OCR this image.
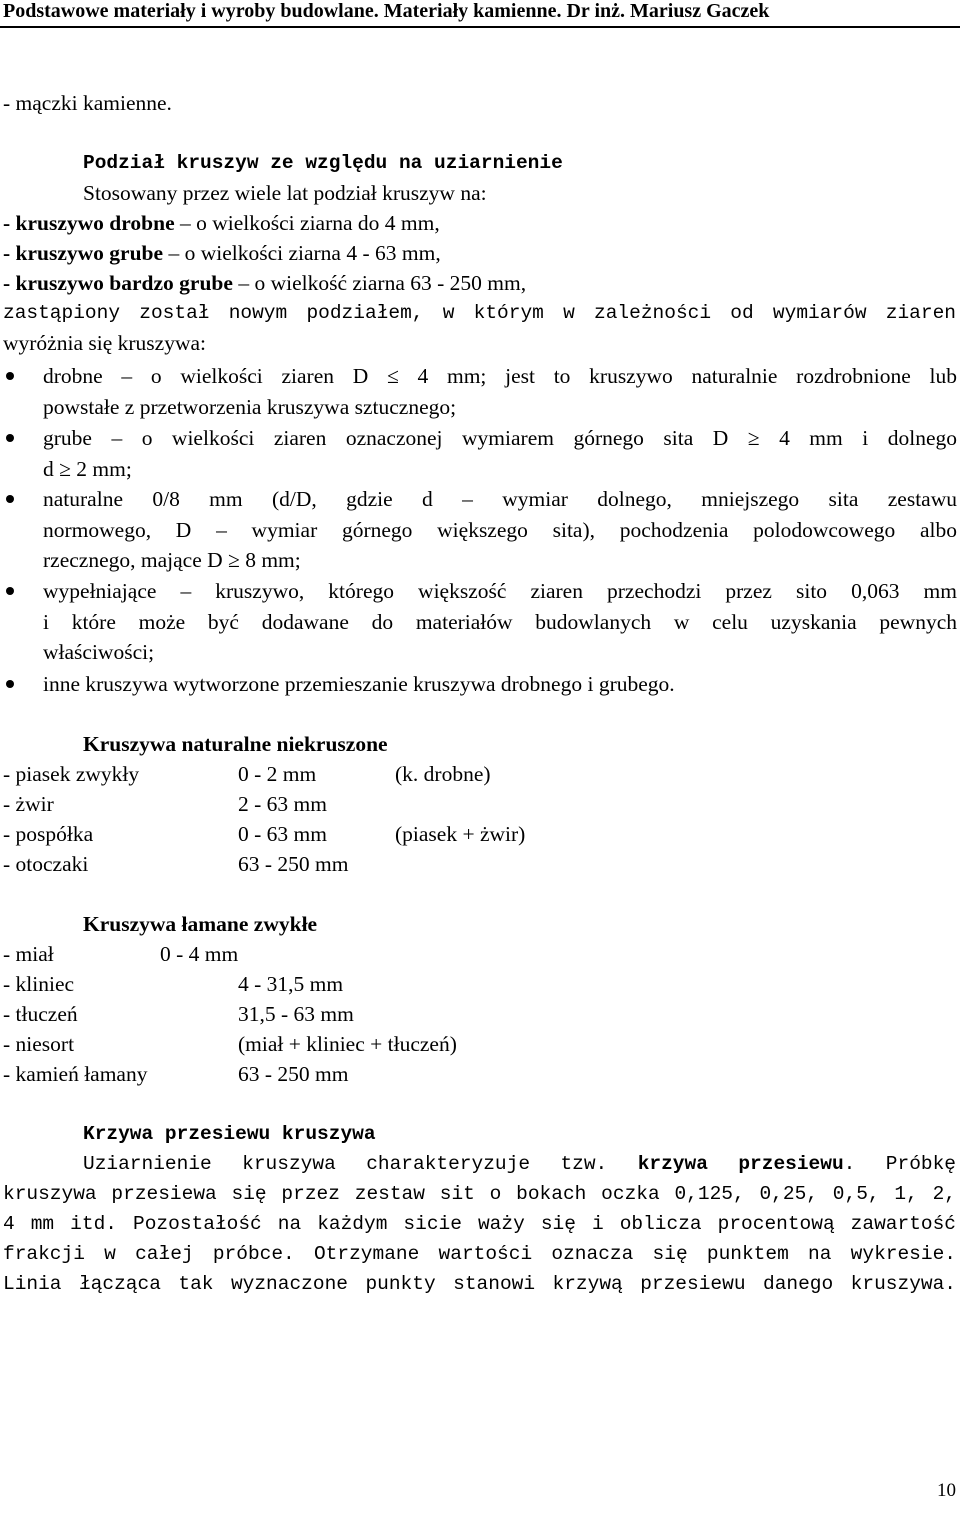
Podstawowe materiały i wyroby budowlane. Materiały kamienne. Dr inż. Mariusz Gaczek
- mączki kamienne.
Podział kruszyw ze względu na uziarnienie
Stosowany przez wiele lat podział kruszyw na:
- kruszywo drobne – o wielkości ziarna do 4 mm,
- kruszywo grube – o wielkości ziarna 4 - 63 mm,
- kruszywo bardzo grube – o wielkość ziarna 63 - 250 mm,
zastąpiony został nowym podziałem, w którym w zależności od wymiarów ziaren
wyróżnia się kruszywa:
drobne – o wielkości ziaren D ≤ 4 mm; jest to kruszywo naturalnie rozdrobnione lub
powstałe z przetworzenia kruszywa sztucznego;
grube – o wielkości ziaren oznaczonej wymiarem górnego sita D ≥ 4 mm i dolnego
d ≥ 2 mm;
naturalne 0/8 mm (d/D, gdzie d – wymiar dolnego, mniejszego sita zestawu
normowego, D – wymiar górnego większego sita), pochodzenia polodowcowego albo
rzecznego, mające D ≥ 8 mm;
wypełniające – kruszywo, którego większość ziaren przechodzi przez sito 0,063 mm
i które może być dodawane do materiałów budowlanych w celu uzyskania pewnych
właściwości;
inne kruszywa wytworzone przemieszanie kruszywa drobnego i grubego.
Kruszywa naturalne niekruszone
- piasek zwykły	0 - 2 mm	(k. drobne)
- żwir	2 - 63 mm
- pospółka	0 - 63 mm	(piasek + żwir)
- otoczaki	63 - 250 mm
Kruszywa łamane zwykłe
- miał	0 - 4 mm
- kliniec	4 - 31,5 mm
- tłuczeń	31,5 - 63 mm
- niesort	(miał + kliniec + tłuczeń)
- kamień łamany	63 - 250 mm
Krzywa przesiewu kruszywa
Uziarnienie kruszywa charakteryzuje tzw. krzywa przesiewu. Próbkę
kruszywa przesiewa się przez zestaw sit o bokach oczka 0,125, 0,25, 0,5, 1, 2,
4 mm itd. Pozostałość na każdym sicie waży się i oblicza procentową zawartość
frakcji w całej próbce. Otrzymane wartości oznacza się punktem na wykresie.
Linia łącząca tak wyznaczone punkty stanowi krzywą przesiewu danego kruszywa.
10
